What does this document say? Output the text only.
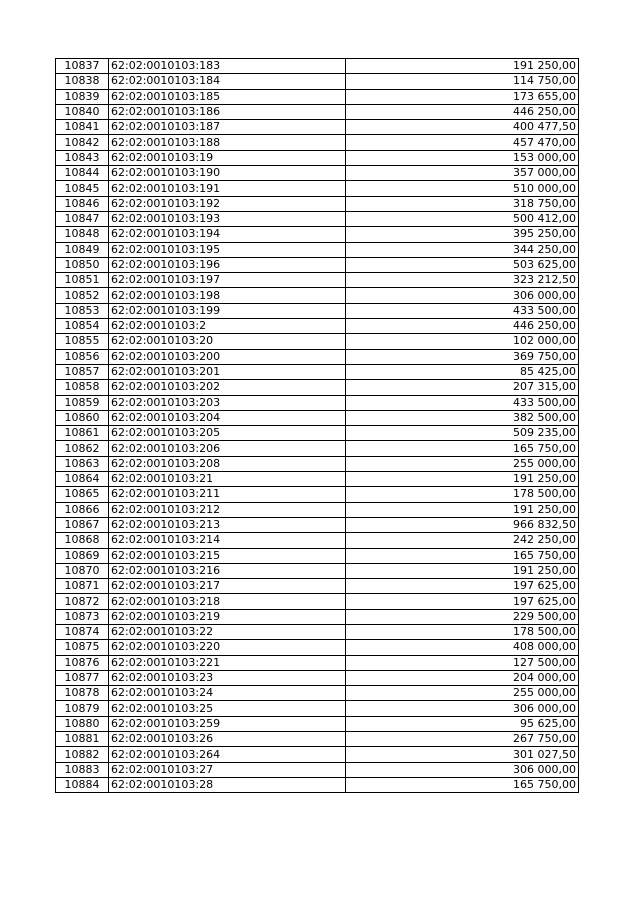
10837	62:02:0010103:183	191 250,00
10838	62:02:0010103:184	114 750,00
10839	62:02:0010103:185	173 655,00
10840	62:02:0010103:186	446 250,00
10841	62:02:0010103:187	400 477,50
10842	62:02:0010103:188	457 470,00
10843	62:02:0010103:19	153 000,00
10844	62:02:0010103:190	357 000,00
10845	62:02:0010103:191	510 000,00
10846	62:02:0010103:192	318 750,00
10847	62:02:0010103:193	500 412,00
10848	62:02:0010103:194	395 250,00
10849	62:02:0010103:195	344 250,00
10850	62:02:0010103:196	503 625,00
10851	62:02:0010103:197	323 212,50
10852	62:02:0010103:198	306 000,00
10853	62:02:0010103:199	433 500,00
10854	62:02:0010103:2	446 250,00
10855	62:02:0010103:20	102 000,00
10856	62:02:0010103:200	369 750,00
10857	62:02:0010103:201	85 425,00
10858	62:02:0010103:202	207 315,00
10859	62:02:0010103:203	433 500,00
10860	62:02:0010103:204	382 500,00
10861	62:02:0010103:205	509 235,00
10862	62:02:0010103:206	165 750,00
10863	62:02:0010103:208	255 000,00
10864	62:02:0010103:21	191 250,00
10865	62:02:0010103:211	178 500,00
10866	62:02:0010103:212	191 250,00
10867	62:02:0010103:213	966 832,50
10868	62:02:0010103:214	242 250,00
10869	62:02:0010103:215	165 750,00
10870	62:02:0010103:216	191 250,00
10871	62:02:0010103:217	197 625,00
10872	62:02:0010103:218	197 625,00
10873	62:02:0010103:219	229 500,00
10874	62:02:0010103:22	178 500,00
10875	62:02:0010103:220	408 000,00
10876	62:02:0010103:221	127 500,00
10877	62:02:0010103:23	204 000,00
10878	62:02:0010103:24	255 000,00
10879	62:02:0010103:25	306 000,00
10880	62:02:0010103:259	95 625,00
10881	62:02:0010103:26	267 750,00
10882	62:02:0010103:264	301 027,50
10883	62:02:0010103:27	306 000,00
10884	62:02:0010103:28	165 750,00
